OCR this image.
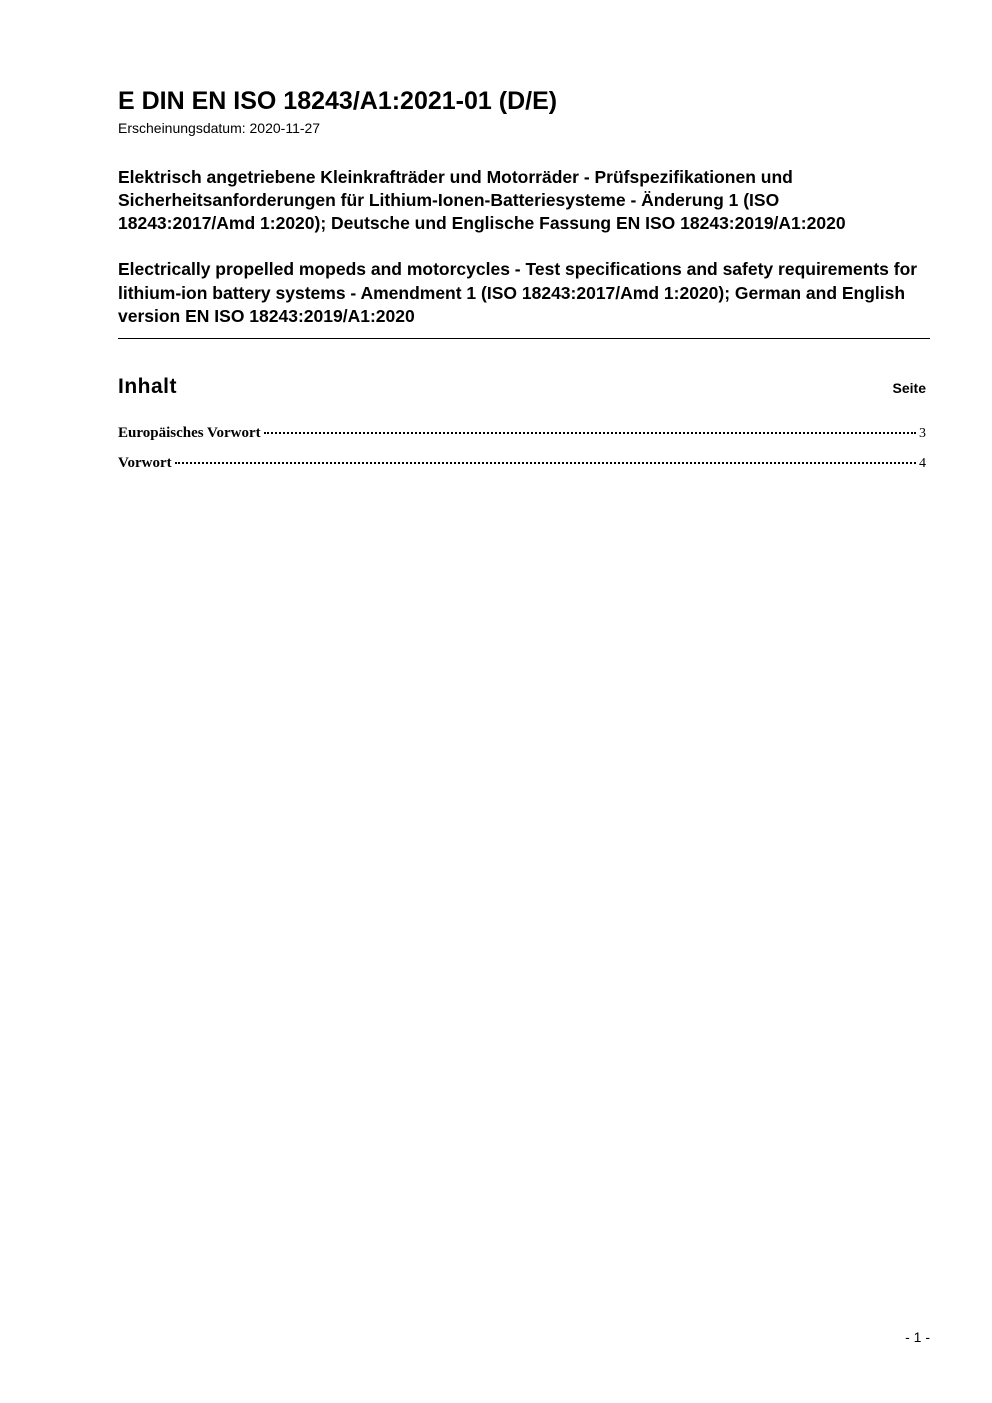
E DIN EN ISO 18243/A1:2021-01 (D/E)
Erscheinungsdatum: 2020-11-27

Elektrisch angetriebene Kleinkrafträder und Motorräder - Prüfspezifikationen und Sicherheitsanforderungen für Lithium-Ionen-Batteriesysteme - Änderung 1 (ISO 18243:2017/Amd 1:2020); Deutsche und Englische Fassung EN ISO 18243:2019/A1:2020

Electrically propelled mopeds and motorcycles - Test specifications and safety requirements for lithium-ion battery systems - Amendment 1 (ISO 18243:2017/Amd 1:2020); German and English version EN ISO 18243:2019/A1:2020

Inhalt	Seite
Europäisches Vorwort	3
Vorwort	4
- 1 -
